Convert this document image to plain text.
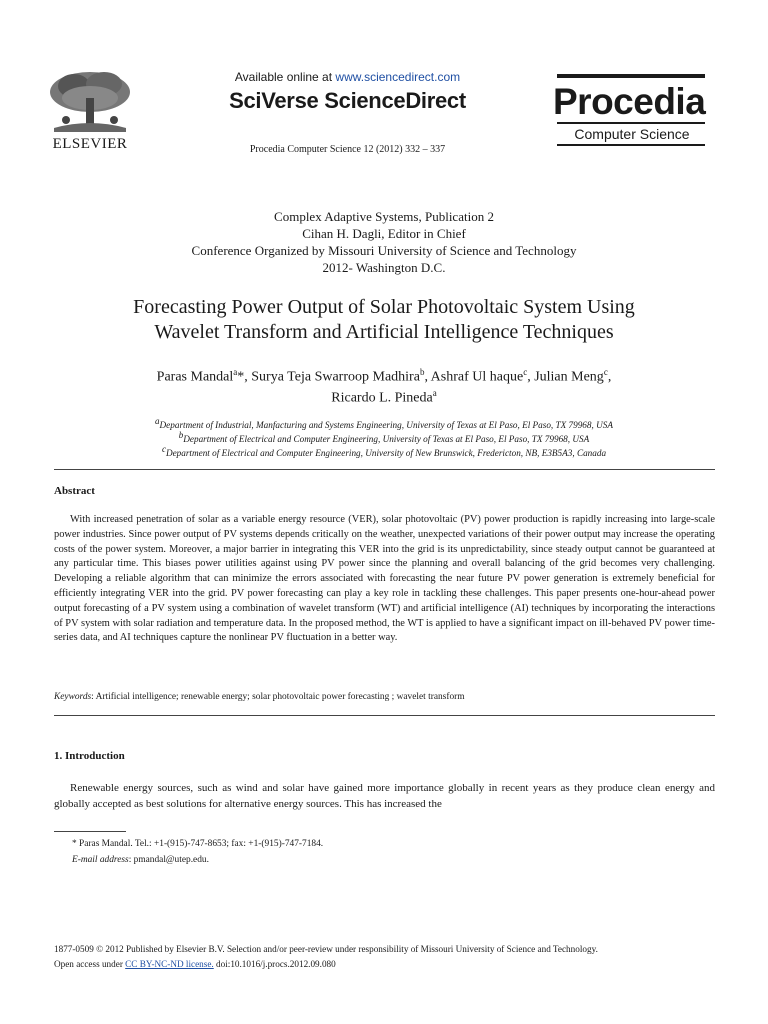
ELSEVIER
Available online at www.sciencedirect.com
SciVerse ScienceDirect
Procedia Computer Science 12 (2012) 332 – 337
Procedia
Computer Science
Complex Adaptive Systems, Publication 2
Cihan H. Dagli, Editor in Chief
Conference Organized by Missouri University of Science and Technology
2012- Washington D.C.
Forecasting Power Output of Solar Photovoltaic System Using
Wavelet Transform and Artificial Intelligence Techniques
Paras Mandal$^a$*, Surya Teja Swarroop Madhira$^b$, Ashraf Ul haque$^c$, Julian Meng$^c$,
Ricardo L. Pineda$^a$
$^a$Department of Industrial, Manfacturing and Systems Engineering, University of Texas at El Paso, El Paso, TX 79968, USA
$^b$Department of Electrical and Computer Engineering, University of Texas at El Paso, El Paso, TX 79968, USA
$^c$Department of Electrical and Computer Engineering, University of New Brunswick, Fredericton, NB, E3B5A3, Canada
Abstract
With increased penetration of solar as a variable energy resource (VER), solar photovoltaic (PV) power production is rapidly increasing into large-scale power industries. Since power output of PV systems depends critically on the weather, unexpected variations of their power output may increase the operating costs of the power system. Moreover, a major barrier in integrating this VER into the grid is its unpredictability, since steady output cannot be guaranteed at any particular time. This biases power utilities against using PV power since the planning and overall balancing of the grid becomes very challenging. Developing a reliable algorithm that can minimize the errors associated with forecasting the near future PV power generation is extremely beneficial for efficiently integrating VER into the grid. PV power forecasting can play a key role in tackling these challenges. This paper presents one-hour-ahead power output forecasting of a PV system using a combination of wavelet transform (WT) and artificial intelligence (AI) techniques by incorporating the interactions of PV system with solar radiation and temperature data. In the proposed method, the WT is applied to have a significant impact on ill-behaved PV power time-series data, and AI techniques capture the nonlinear PV fluctuation in a better way.
Keywords: Artificial intelligence; renewable energy; solar photovoltaic power forecasting ; wavelet transform
1. Introduction
Renewable energy sources, such as wind and solar have gained more importance globally in recent years as they produce clean energy and globally accepted as best solutions for alternative energy sources. This has increased the
* Paras Mandal. Tel.: +1-(915)-747-8653; fax: +1-(915)-747-7184.
E-mail address: pmandal@utep.edu.
1877-0509 © 2012 Published by Elsevier B.V. Selection and/or peer-review under responsibility of Missouri University of Science and Technology.
Open access under CC BY-NC-ND license. doi:10.1016/j.procs.2012.09.080
